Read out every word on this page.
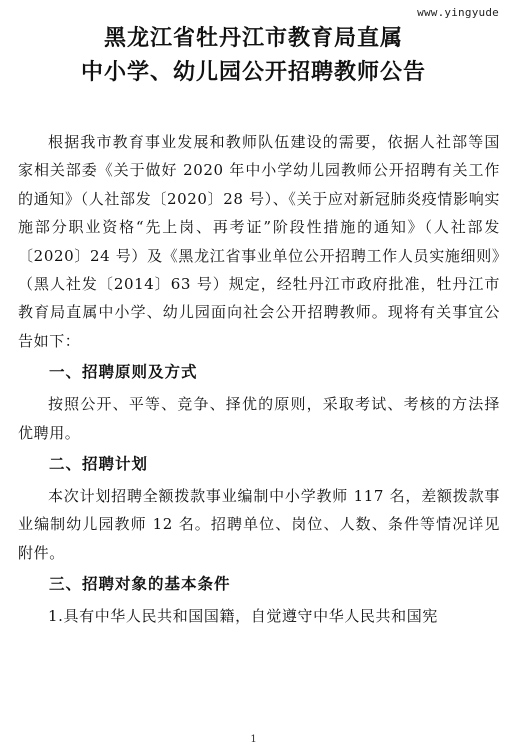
www.yingyude
黑龙江省牡丹江市教育局直属
中小学、幼儿园公开招聘教师公告

根据我市教育事业发展和教师队伍建设的需要，依据人社部等国家相关部委《关于做好 2020 年中小学幼儿园教师公开招聘有关工作的通知》（人社部发〔2020〕28 号）、《关于应对新冠肺炎疫情影响实施部分职业资格“先上岗、再考证”阶段性措施的通知》（人社部发〔2020〕24 号）及《黑龙江省事业单位公开招聘工作人员实施细则》（黑人社发〔2014〕63 号）规定，经牡丹江市政府批准，牡丹江市教育局直属中小学、幼儿园面向社会公开招聘教师。现将有关事宜公告如下：

一、招聘原则及方式

按照公开、平等、竞争、择优的原则，采取考试、考核的方法择优聘用。

二、招聘计划

本次计划招聘全额拨款事业编制中小学教师 117 名，差额拨款事业编制幼儿园教师 12 名。招聘单位、岗位、人数、条件等情况详见附件。

三、招聘对象的基本条件

1.具有中华人民共和国国籍，自觉遵守中华人民共和国宪

1
